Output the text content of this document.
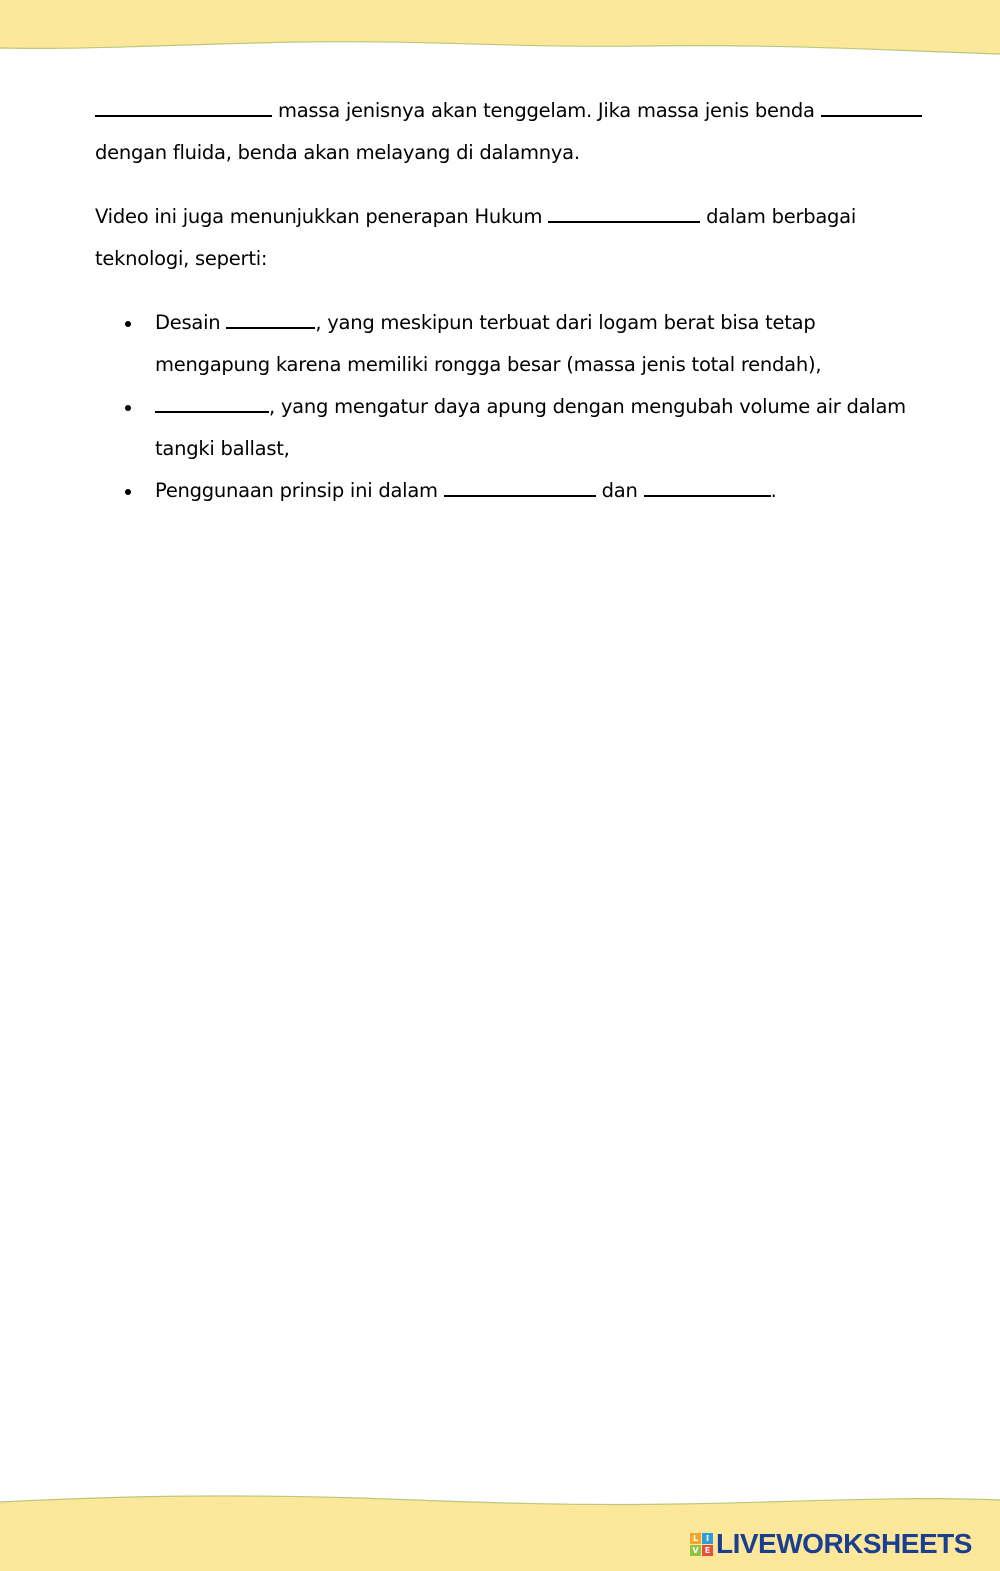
massa jenisnya akan tenggelam. Jika massa jenis benda
dengan fluida, benda akan melayang di dalamnya.

Video ini juga menunjukkan penerapan Hukum	dalam berbagai teknologi, seperti:

Desain	, yang meskipun terbuat dari logam berat bisa tetap mengapung karena memiliki rongga besar (massa jenis total rendah),
, yang mengatur daya apung dengan mengubah volume air dalam tangki ballast,
Penggunaan prinsip ini dalam	dan	.
L I
V E LIVEWORKSHEETS
